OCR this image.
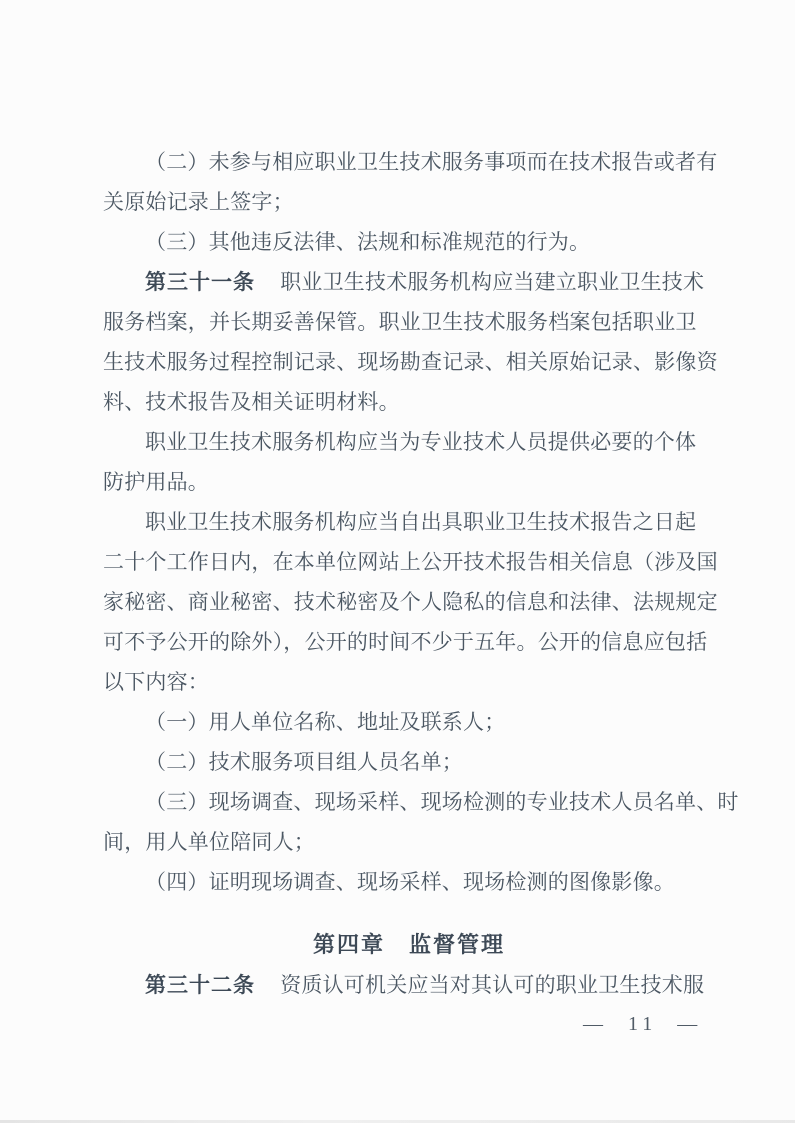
（二）未参与相应职业卫生技术服务事项而在技术报告或者有
关原始记录上签字；
（三）其他违反法律、法规和标准规范的行为。
第三十一条　职业卫生技术服务机构应当建立职业卫生技术
服务档案，并长期妥善保管。职业卫生技术服务档案包括职业卫
生技术服务过程控制记录、现场勘查记录、相关原始记录、影像资
料、技术报告及相关证明材料。
职业卫生技术服务机构应当为专业技术人员提供必要的个体
防护用品。
职业卫生技术服务机构应当自出具职业卫生技术报告之日起
二十个工作日内，在本单位网站上公开技术报告相关信息（涉及国
家秘密、商业秘密、技术秘密及个人隐私的信息和法律、法规规定
可不予公开的除外），公开的时间不少于五年。公开的信息应包括
以下内容：
（一）用人单位名称、地址及联系人；
（二）技术服务项目组人员名单；
（三）现场调查、现场采样、现场检测的专业技术人员名单、时
间，用人单位陪同人；
（四）证明现场调查、现场采样、现场检测的图像影像。
第四章　监督管理
第三十二条　资质认可机关应当对其认可的职业卫生技术服
—  11  —
